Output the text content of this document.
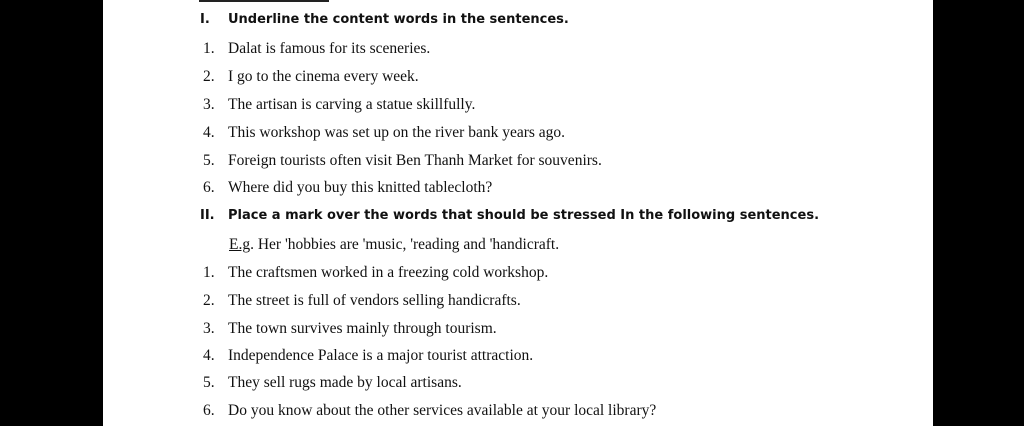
I. Underline the content words in the sentences.
1. Dalat is famous for its sceneries.
2. I go to the cinema every week.
3. The artisan is carving a statue skillfully.
4. This workshop was set up on the river bank years ago.
5. Foreign tourists often visit Ben Thanh Market for souvenirs.
6. Where did you buy this knitted tablecloth?
II. Place a mark over the words that should be stressed In the following sentences.
E.g. Her 'hobbies are 'music, 'reading and 'handicraft.
1. The craftsmen worked in a freezing cold workshop.
2. The street is full of vendors selling handicrafts.
3. The town survives mainly through tourism.
4. Independence Palace is a major tourist attraction.
5. They sell rugs made by local artisans.
6. Do you know about the other services available at your local library?
